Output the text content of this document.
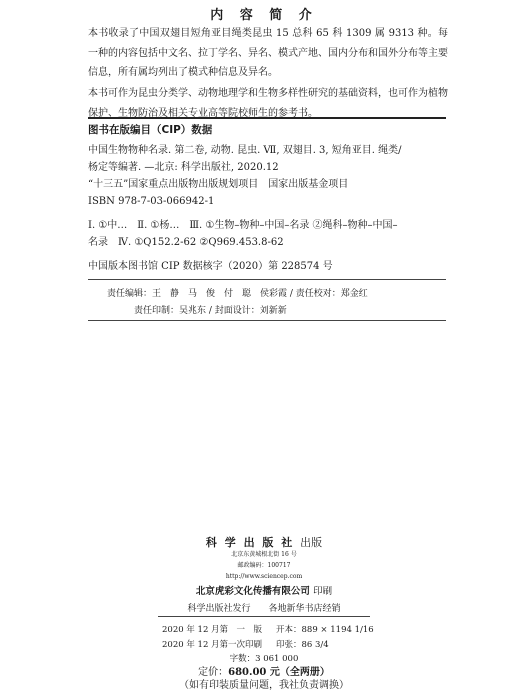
内 容 简 介

本书收录了中国双翅目短角亚目绳类昆虫 15 总科 65 科 1309 属 9313 种。每一种的内容包括中文名、拉丁学名、异名、模式产地、国内分布和国外分布等主要信息，所有属均列出了模式种信息及异名。

本书可作为昆虫分类学、动物地理学和生物多样性研究的基础资料，也可作为植物保护、生物防治及相关专业高等院校师生的参考书。

图书在版编目（CIP）数据

中国生物物种名录. 第二卷, 动物. 昆虫. Ⅶ, 双翅目. 3, 短角亚目. 绳类/

杨定等编著. —北京: 科学出版社, 2020.12

“十三五”国家重点出版物出版规划项目　国家出版基金项目

ISBN 978-7-03-066942-1

Ⅰ. ①中…　Ⅱ. ①杨…　Ⅲ. ①生物–物种–中国–名录 ②绳科–物种–中国–

名录　Ⅳ. ①Q152.2-62 ②Q969.453.8-62

中国版本图书馆 CIP 数据核字（2020）第 228574 号

责任编辑：王　静　马　俊　付　聪　侯彩霞 / 责任校对：郑金红
责任印制：吴兆东 / 封面设计：刘新新
科 学 出 版 社 出版
北京东黄城根北街 16 号
邮政编码：100717
http://www.sciencep.com
北京虎彩文化传播有限公司 印刷
科学出版社发行　　各地新华书店经销
2020 年 12 月第　一　版 开本：889 × 1194 1/16
2020 年 12 月第一次印刷 印张：86 3/4
字数：3 061 000
定价：680.00 元（全两册）
（如有印装质量问题，我社负责调换）
